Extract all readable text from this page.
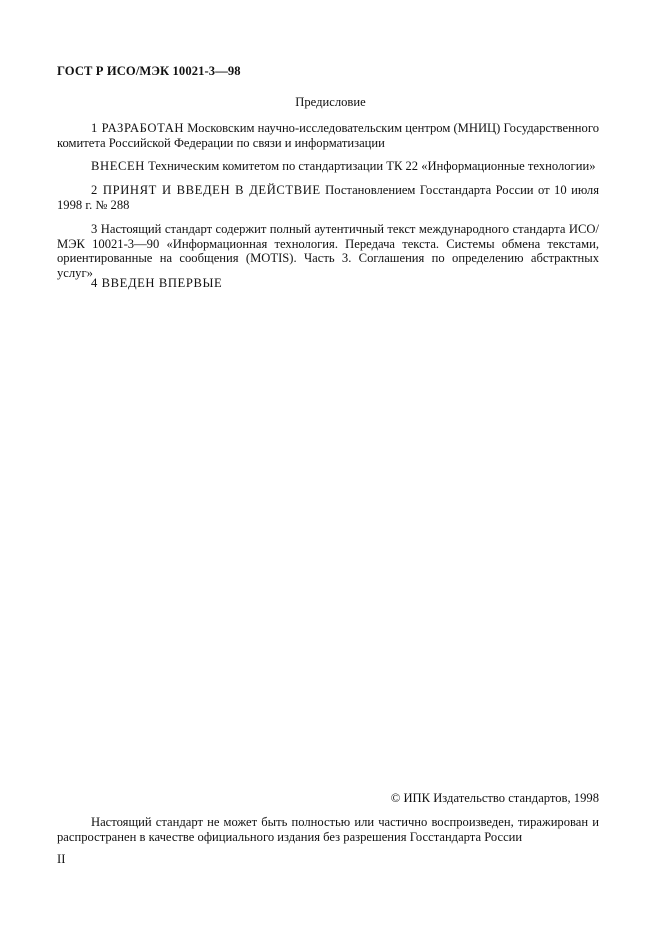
ГОСТ Р ИСО/МЭК 10021-3—98
Предисловие
1 РАЗРАБОТАН Московским научно-исследовательским центром (МНИЦ) Государственного комитета Российской Федерации по связи и информатизации
ВНЕСЕН Техническим комитетом по стандартизации ТК 22 «Информационные технологии»
2 ПРИНЯТ И ВВЕДЕН В ДЕЙСТВИЕ Постановлением Госстандарта России от 10 июля 1998 г. № 288
3 Настоящий стандарт содержит полный аутентичный текст международного стандарта ИСО/МЭК 10021-3—90 «Информационная технология. Передача текста. Системы обмена текстами, ориентированные на сообщения (MOTIS). Часть 3. Соглашения по определению абстрактных услуг»
4 ВВЕДЕН ВПЕРВЫЕ
© ИПК Издательство стандартов, 1998
Настоящий стандарт не может быть полностью или частично воспроизведен, тиражирован и распространен в качестве официального издания без разрешения Госстандарта России
II
